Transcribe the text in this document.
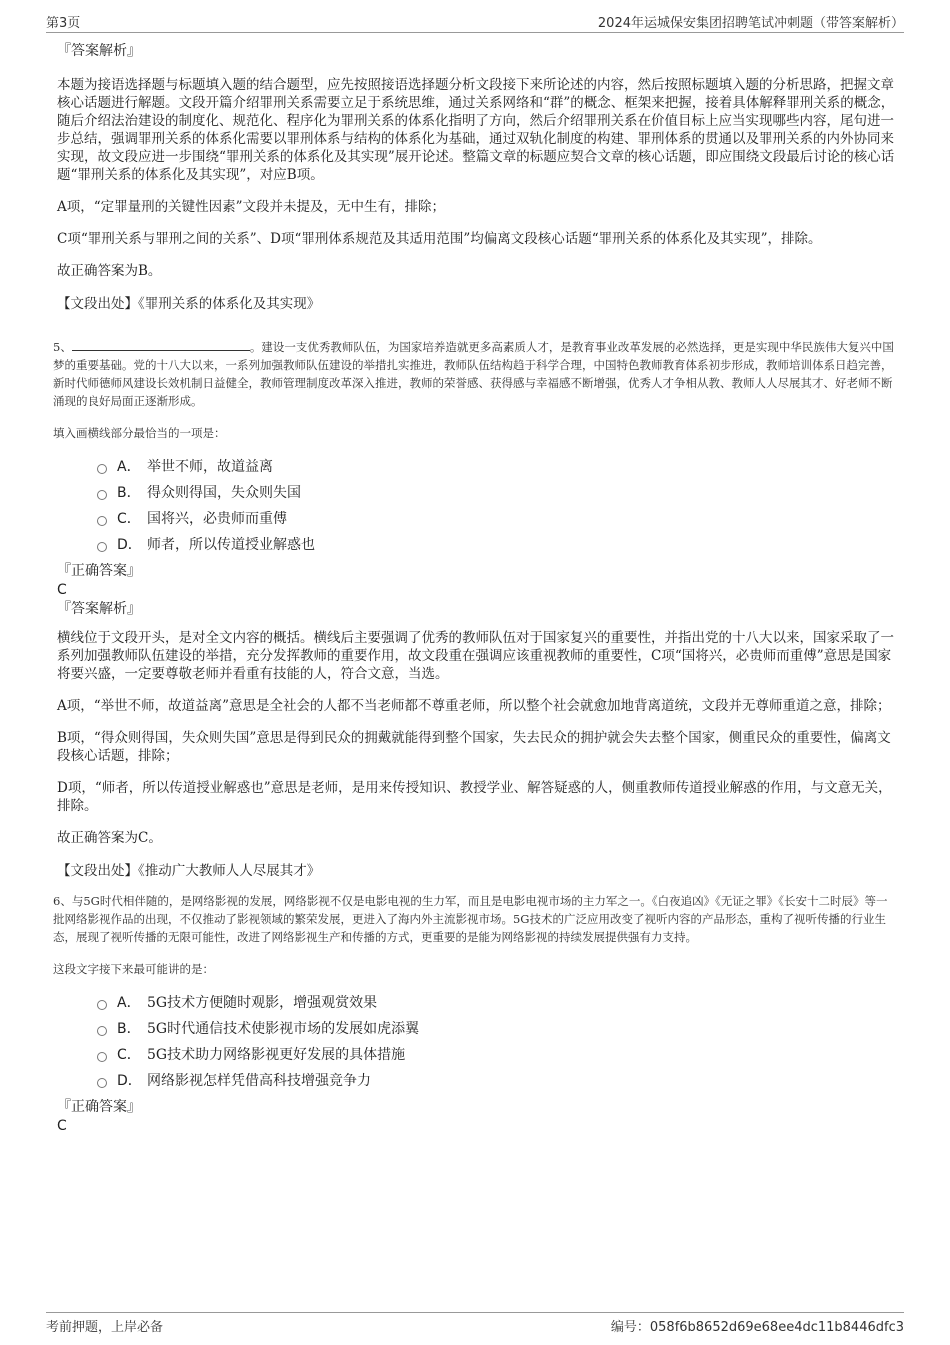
第3页	2024年运城保安集团招聘笔试冲刺题（带答案解析）

『答案解析』

本题为接语选择题与标题填入题的结合题型，应先按照接语选择题分析文段接下来所论述的内容，然后按照标题填入题的分析思路，把握文章核心话题进行解题。文段开篇介绍罪刑关系需要立足于系统思维，通过关系网络和“群”的概念、框架来把握，接着具体解释罪刑关系的概念，随后介绍法治建设的制度化、规范化、程序化为罪刑关系的体系化指明了方向，然后介绍罪刑关系在价值目标上应当实现哪些内容，尾句进一步总结，强调罪刑关系的体系化需要以罪刑体系与结构的体系化为基础，通过双轨化制度的构建、罪刑体系的贯通以及罪刑关系的内外协同来实现，故文段应进一步围绕“罪刑关系的体系化及其实现”展开论述。整篇文章的标题应契合文章的核心话题，即应围绕文段最后讨论的核心话题“罪刑关系的体系化及其实现”，对应B项。

A项，“定罪量刑的关键性因素”文段并未提及，无中生有，排除；

C项“罪刑关系与罪刑之间的关系”、D项“罪刑体系规范及其适用范围”均偏离文段核心话题“罪刑关系的体系化及其实现”，排除。

故正确答案为B。

【文段出处】《罪刑关系的体系化及其实现》

5、	。建设一支优秀教师队伍，为国家培养造就更多高素质人才，是教育事业改革发展的必然选择，更是实现中华民族伟大复兴中国梦的重要基础。党的十八大以来，一系列加强教师队伍建设的举措扎实推进，教师队伍结构趋于科学合理，中国特色教师教育体系初步形成，教师培训体系日趋完善，新时代师德师风建设长效机制日益健全，教师管理制度改革深入推进，教师的荣誉感、获得感与幸福感不断增强，优秀人才争相从教、教师人人尽展其才、好老师不断涌现的良好局面正逐渐形成。

填入画横线部分最恰当的一项是：

A． 举世不师，故道益离
B． 得众则得国，失众则失国
C． 国将兴，必贵师而重傅
D． 师者，所以传道授业解惑也

『正确答案』

C

『答案解析』

横线位于文段开头，是对全文内容的概括。横线后主要强调了优秀的教师队伍对于国家复兴的重要性，并指出党的十八大以来，国家采取了一系列加强教师队伍建设的举措，充分发挥教师的重要作用，故文段重在强调应该重视教师的重要性，C项“国将兴，必贵师而重傅”意思是国家将要兴盛，一定要尊敬老师并看重有技能的人，符合文意，当选。

A项，“举世不师，故道益离”意思是全社会的人都不当老师都不尊重老师，所以整个社会就愈加地背离道统，文段并无尊师重道之意，排除；

B项，“得众则得国，失众则失国”意思是得到民众的拥戴就能得到整个国家，失去民众的拥护就会失去整个国家，侧重民众的重要性，偏离文段核心话题，排除；

D项，“师者，所以传道授业解惑也”意思是老师，是用来传授知识、教授学业、解答疑惑的人，侧重教师传道授业解惑的作用，与文意无关，排除。

故正确答案为C。

【文段出处】《推动广大教师人人尽展其才》

6、与5G时代相伴随的，是网络影视的发展，网络影视不仅是电影电视的生力军，而且是电影电视市场的主力军之一。《白夜追凶》《无证之罪》《长安十二时辰》等一批网络影视作品的出现，不仅推动了影视领域的繁荣发展，更进入了海内外主流影视市场。5G技术的广泛应用改变了视听内容的产品形态，重构了视听传播的行业生态，展现了视听传播的无限可能性，改进了网络影视生产和传播的方式，更重要的是能为网络影视的持续发展提供强有力支持。

这段文字接下来最可能讲的是：

A． 5G技术方便随时观影，增强观赏效果
B． 5G时代通信技术使影视市场的发展如虎添翼
C． 5G技术助力网络影视更好发展的具体措施
D． 网络影视怎样凭借高科技增强竞争力

『正确答案』

C

考前押题，上岸必备	编号：058f6b8652d69e68ee4dc11b8446dfc3
